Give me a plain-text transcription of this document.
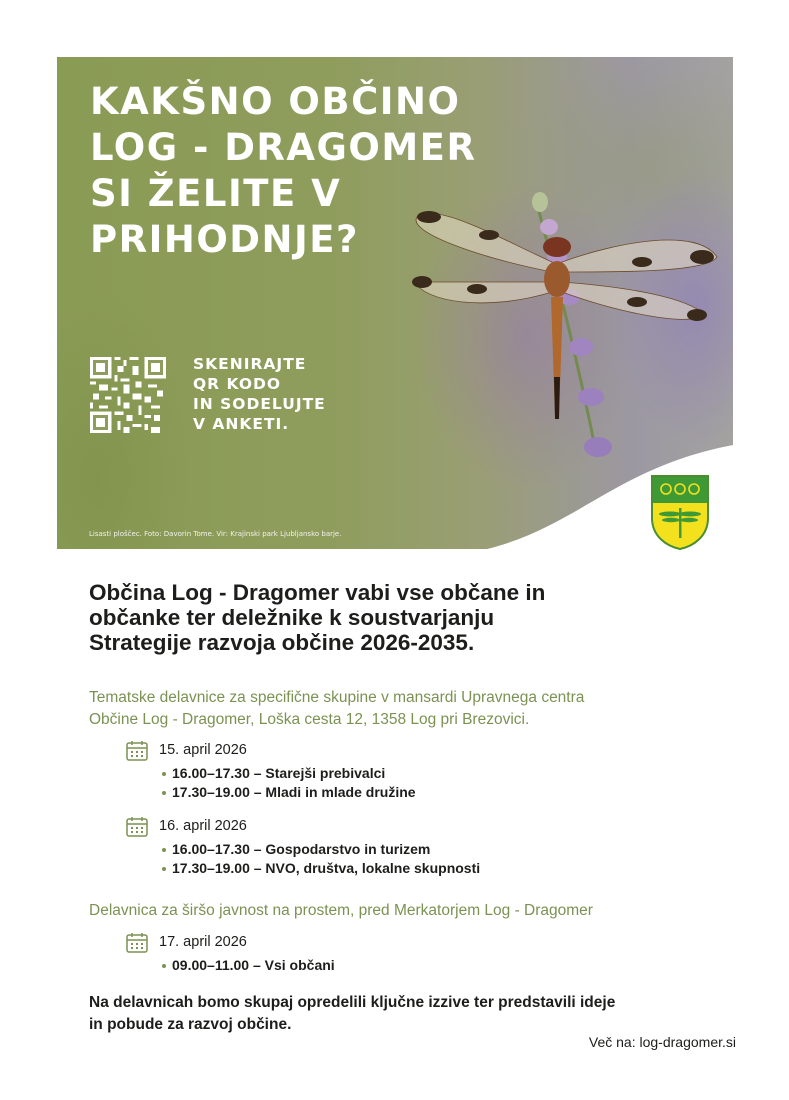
KAKŠNO OBČINO
LOG - DRAGOMER
SI ŽELITE V
PRIHODNJE?
SKENIRAJTE
QR KODO
IN SODELUJTE
V ANKETI.
Lisasti ploščec. Foto: Davorin Tome. Vir: Krajinski park Ljubljansko barje.
Občina Log - Dragomer vabi vse občane in
občanke ter deležnike k soustvarjanju
Strategije razvoja občine 2026-2035.
Tematske delavnice za specifične skupine v mansardi Upravnega centra
Občine Log - Dragomer, Loška cesta 12, 1358 Log pri Brezovici.
15. april 2026
16.00–17.30 – Starejši prebivalci
17.30–19.00 – Mladi in mlade družine
16. april 2026
16.00–17.30 – Gospodarstvo in turizem
17.30–19.00 – NVO, društva, lokalne skupnosti
Delavnica za širšo javnost na prostem, pred Merkatorjem Log - Dragomer
17. april 2026
09.00–11.00 – Vsi občani
Na delavnicah bomo skupaj opredelili ključne izzive ter predstavili ideje
in pobude za razvoj občine.
Več na: log-dragomer.si
